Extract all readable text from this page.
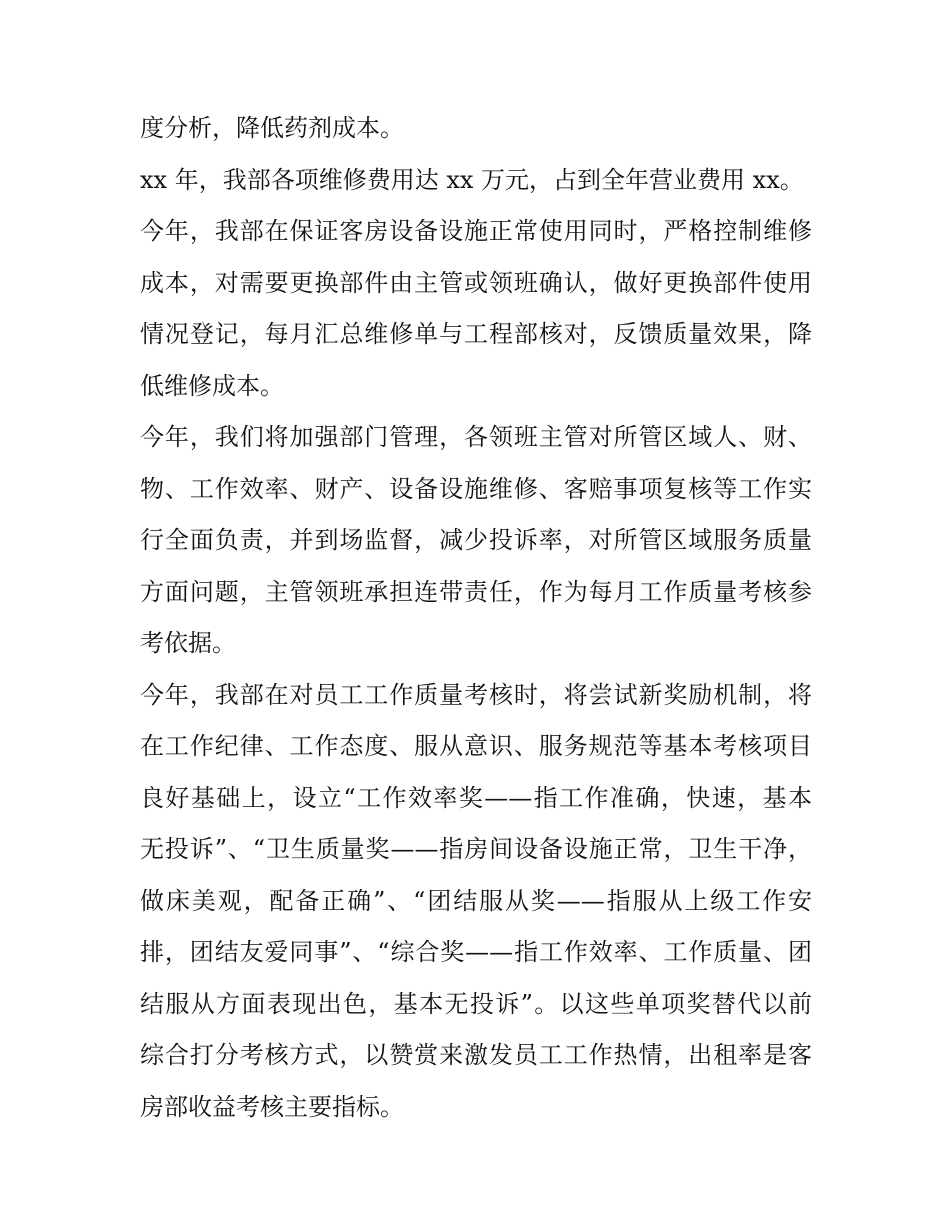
度分析，降低药剂成本。
xx 年，我部各项维修费用达 xx 万元，占到全年营业费用 xx。
今年，我部在保证客房设备设施正常使用同时，严格控制维修
成本，对需要更换部件由主管或领班确认，做好更换部件使用
情况登记，每月汇总维修单与工程部核对，反馈质量效果，降
低维修成本。
今年，我们将加强部门管理，各领班主管对所管区域人、财、
物、工作效率、财产、设备设施维修、客赔事项复核等工作实
行全面负责，并到场监督，减少投诉率，对所管区域服务质量
方面问题，主管领班承担连带责任，作为每月工作质量考核参
考依据。
今年，我部在对员工工作质量考核时，将尝试新奖励机制，将
在工作纪律、工作态度、服从意识、服务规范等基本考核项目
良好基础上，设立“工作效率奖——指工作准确，快速，基本
无投诉”、“卫生质量奖——指房间设备设施正常，卫生干净，
做床美观，配备正确”、“团结服从奖——指服从上级工作安
排，团结友爱同事”、“综合奖——指工作效率、工作质量、团
结服从方面表现出色，基本无投诉”。以这些单项奖替代以前
综合打分考核方式，以赞赏来激发员工工作热情，出租率是客
房部收益考核主要指标。
